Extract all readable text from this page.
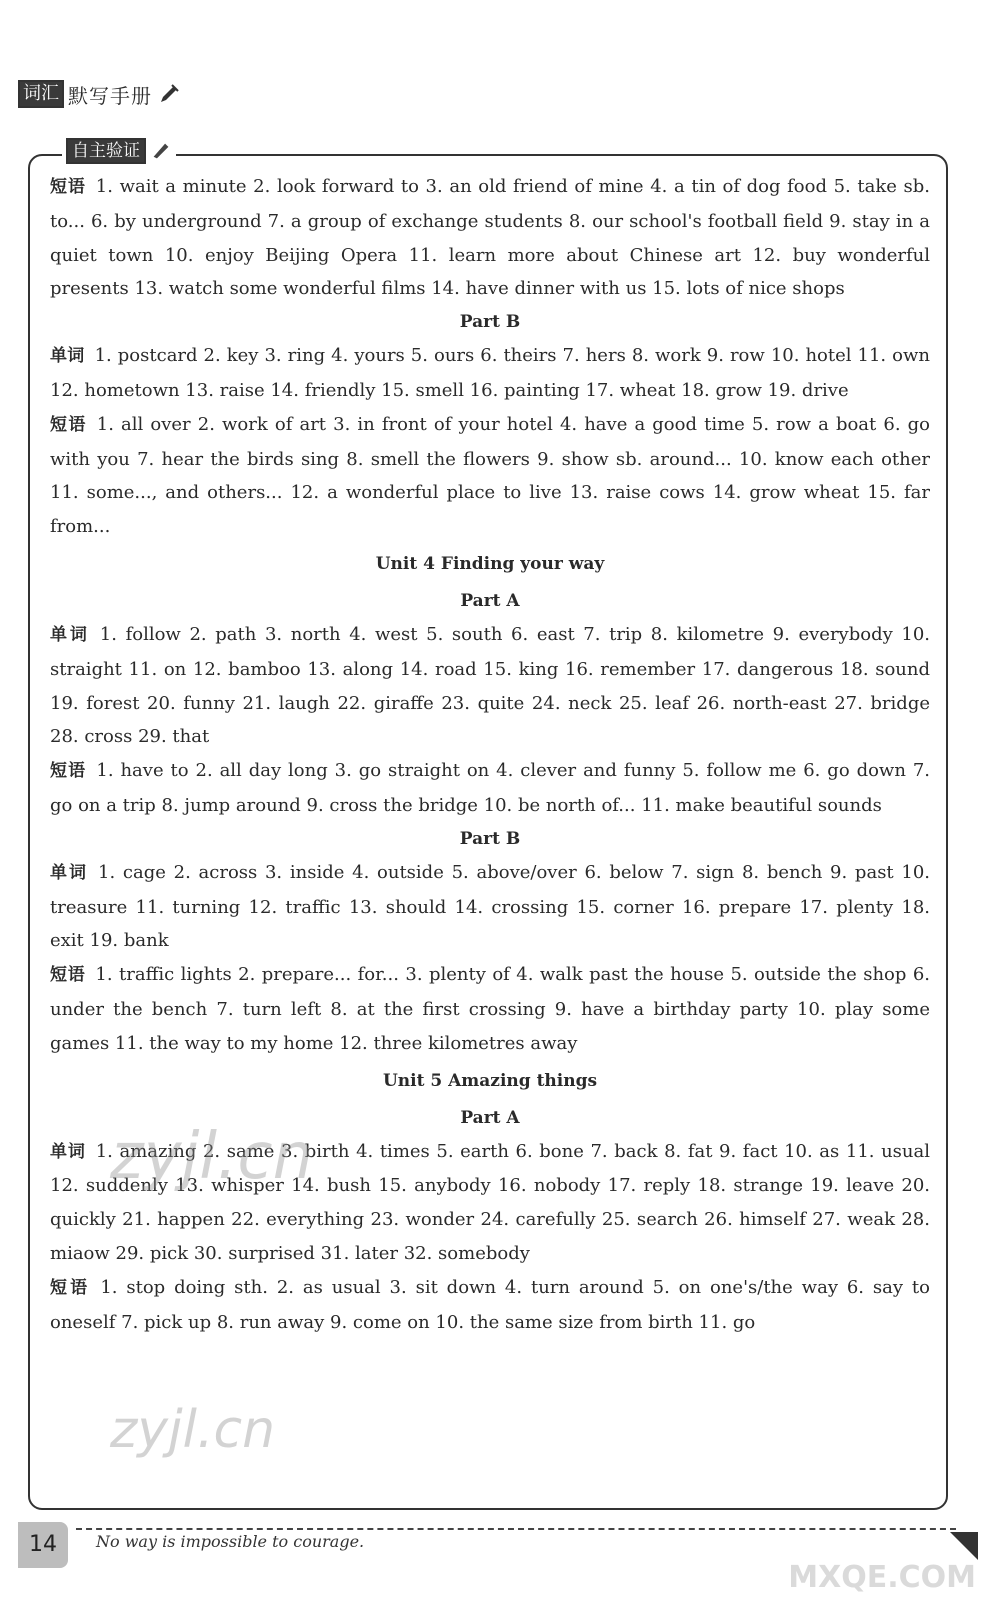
词汇 默写手册
自主验证

短语 1. wait a minute 2. look forward to 3. an old friend of mine 4. a tin of dog food 5. take sb. to... 6. by underground 7. a group of exchange students 8. our school's football field 9. stay in a quiet town 10. enjoy Beijing Opera 11. learn more about Chinese art 12. buy wonderful presents 13. watch some wonderful films 14. have dinner with us 15. lots of nice shops

Part B

单词 1. postcard 2. key 3. ring 4. yours 5. ours 6. theirs 7. hers 8. work 9. row 10. hotel 11. own 12. hometown 13. raise 14. friendly 15. smell 16. painting 17. wheat 18. grow 19. drive

短语 1. all over 2. work of art 3. in front of your hotel 4. have a good time 5. row a boat 6. go with you 7. hear the birds sing 8. smell the flowers 9. show sb. around... 10. know each other 11. some..., and others... 12. a wonderful place to live 13. raise cows 14. grow wheat 15. far from...

Unit 4 Finding your way
Part A

单词 1. follow 2. path 3. north 4. west 5. south 6. east 7. trip 8. kilometre 9. everybody 10. straight 11. on 12. bamboo 13. along 14. road 15. king 16. remember 17. dangerous 18. sound 19. forest 20. funny 21. laugh 22. giraffe 23. quite 24. neck 25. leaf 26. north-east 27. bridge 28. cross 29. that

短语 1. have to 2. all day long 3. go straight on 4. clever and funny 5. follow me 6. go down 7. go on a trip 8. jump around 9. cross the bridge 10. be north of... 11. make beautiful sounds

Part B

单词 1. cage 2. across 3. inside 4. outside 5. above/over 6. below 7. sign 8. bench 9. past 10. treasure 11. turning 12. traffic 13. should 14. crossing 15. corner 16. prepare 17. plenty 18. exit 19. bank

短语 1. traffic lights 2. prepare... for... 3. plenty of 4. walk past the house 5. outside the shop 6. under the bench 7. turn left 8. at the first crossing 9. have a birthday party 10. play some games 11. the way to my home 12. three kilometres away

Unit 5 Amazing things
Part A

单词 1. amazing 2. same 3. birth 4. times 5. earth 6. bone 7. back 8. fat 9. fact 10. as 11. usual 12. suddenly 13. whisper 14. bush 15. anybody 16. nobody 17. reply 18. strange 19. leave 20. quickly 21. happen 22. everything 23. wonder 24. carefully 25. search 26. himself 27. weak 28. miaow 29. pick 30. surprised 31. later 32. somebody

短语 1. stop doing sth. 2. as usual 3. sit down 4. turn around 5. on one's/the way 6. say to oneself 7. pick up 8. run away 9. come on 10. the same size from birth 11. go

zyjl.cn
zyjl.cn
14	No way is impossible to courage.
MXQE.COM
